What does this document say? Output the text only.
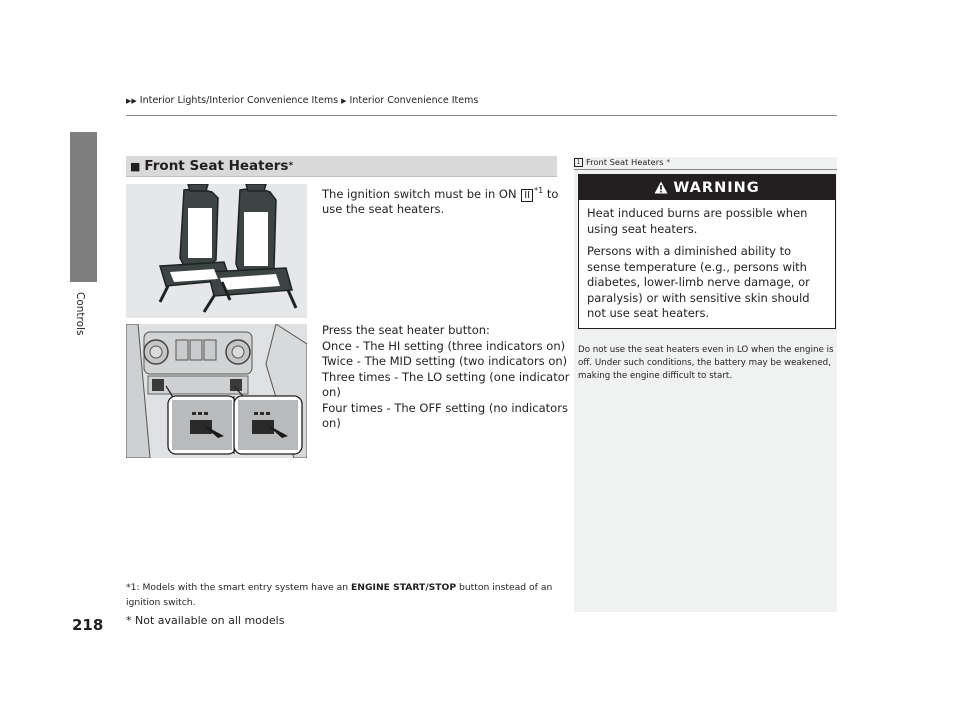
Controls
218
▶▶ Interior Lights/Interior Convenience Items ▶ Interior Convenience Items
■ Front Seat Heaters *
The ignition switch must be in ON II $^{*1}$ to use the seat heaters.
Press the seat heater button:
Once - The HI setting (three indicators on)
Twice - The MID setting (two indicators on)
Three times - The LO setting (one indicator on)
Four times - The OFF setting (no indicators on)
*1: Models with the smart entry system have an ENGINE START/STOP button instead of an ignition switch.
* Not available on all models
1 Front Seat Heaters *
WARNING

Heat induced burns are possible when using seat heaters.

Persons with a diminished ability to sense temperature (e.g., persons with diabetes, lower-limb nerve damage, or paralysis) or with sensitive skin should not use seat heaters.

Do not use the seat heaters even in LO when the engine is off. Under such conditions, the battery may be weakened, making the engine difficult to start.
